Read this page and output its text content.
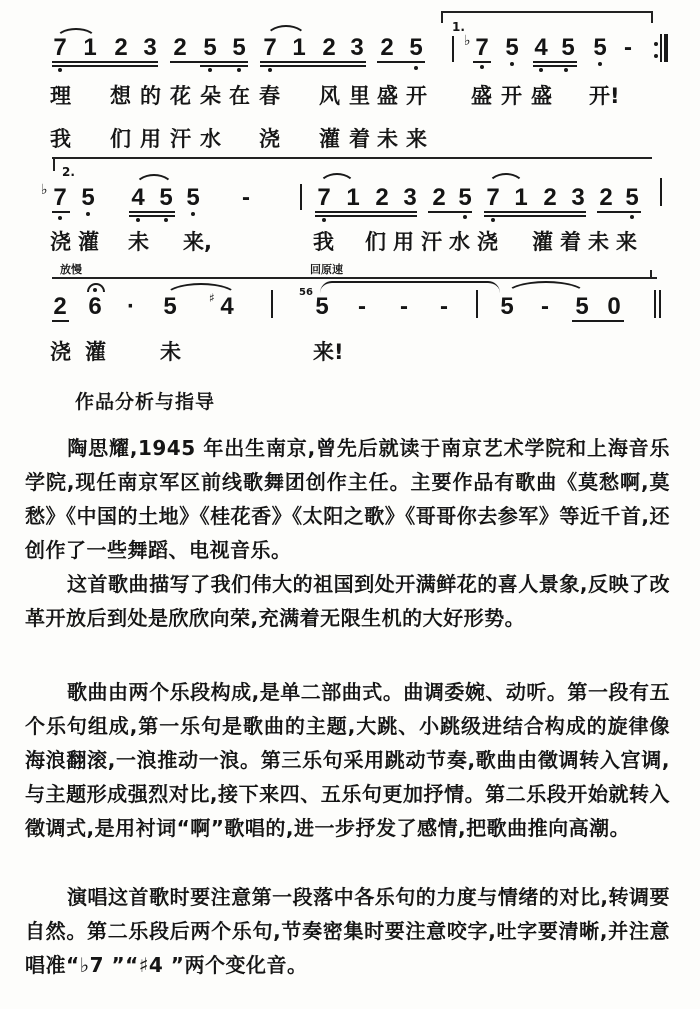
7 1 2 3 2 5 5 7 1 2 3 2 5
1.
♭ 7 5 4 5 5 -
理 想 的 花 朵 在 春 风 里 盛 开 盛 开 盛 开!
我 们 用 汗 水 浇 灌 着 未 来
2.
♭ 7 5 4 5 5 -	7 1 2 3 2 5 7 1 2 3 2 5
浇 灌 未 来,	我 们 用 汗 水 浇 灌 着 未 来
放慢	回原速
2 6 · 5	♯ 4
56
5 - - - 5 - 5 0
浇 灌	未	来!
作品分析与指导
陶思耀,1945 年出生南京,曾先后就读于南京艺术学院和上海音乐学院,现任南京军区前线歌舞团创作主任。主要作品有歌曲《莫愁啊,莫愁》《中国的土地》《桂花香》《太阳之歌》《哥哥你去参军》等近千首,还创作了一些舞蹈、电视音乐。
这首歌曲描写了我们伟大的祖国到处开满鲜花的喜人景象,反映了改革开放后到处是欣欣向荣,充满着无限生机的大好形势。
歌曲由两个乐段构成,是单二部曲式。曲调委婉、动听。第一段有五个乐句组成,第一乐句是歌曲的主题,大跳、小跳级进结合构成的旋律像海浪翻滚,一浪推动一浪。第三乐句采用跳动节奏,歌曲由徵调转入宫调,与主题形成强烈对比,接下来四、五乐句更加抒情。第二乐段开始就转入徵调式,是用衬词“啊”歌唱的,进一步抒发了感情,把歌曲推向高潮。
演唱这首歌时要注意第一段落中各乐句的力度与情绪的对比,转调要自然。第二乐段后两个乐句,节奏密集时要注意咬字,吐字要清晰,并注意唱准“♭7 ”“♯4 ”两个变化音。
